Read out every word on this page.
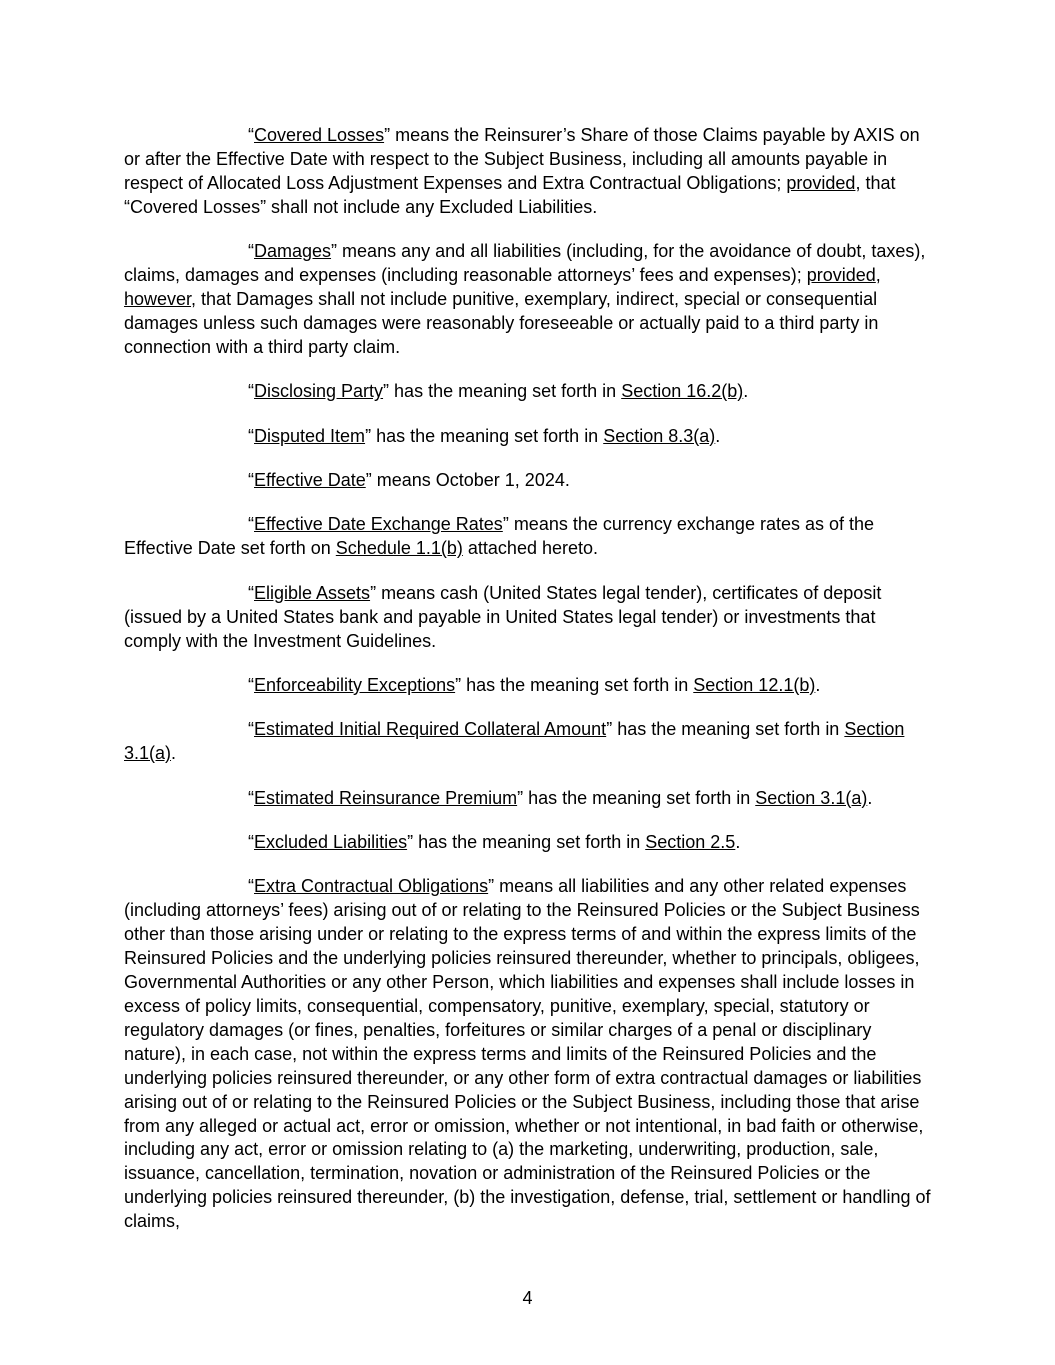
“Covered Losses” means the Reinsurer’s Share of those Claims payable by AXIS on or after the Effective Date with respect to the Subject Business, including all amounts payable in respect of Allocated Loss Adjustment Expenses and Extra Contractual Obligations; provided, that “Covered Losses” shall not include any Excluded Liabilities.

“Damages” means any and all liabilities (including, for the avoidance of doubt, taxes), claims, damages and expenses (including reasonable attorneys’ fees and expenses); provided, however, that Damages shall not include punitive, exemplary, indirect, special or consequential damages unless such damages were reasonably foreseeable or actually paid to a third party in connection with a third party claim.

“Disclosing Party” has the meaning set forth in Section 16.2(b).

“Disputed Item” has the meaning set forth in Section 8.3(a).

“Effective Date” means October 1, 2024.

“Effective Date Exchange Rates” means the currency exchange rates as of the Effective Date set forth on Schedule 1.1(b) attached hereto.

“Eligible Assets” means cash (United States legal tender), certificates of deposit (issued by a United States bank and payable in United States legal tender) or investments that comply with the Investment Guidelines.

“Enforceability Exceptions” has the meaning set forth in Section 12.1(b).

“Estimated Initial Required Collateral Amount” has the meaning set forth in Section 3.1(a).

“Estimated Reinsurance Premium” has the meaning set forth in Section 3.1(a).

“Excluded Liabilities” has the meaning set forth in Section 2.5.

“Extra Contractual Obligations” means all liabilities and any other related expenses (including attorneys’ fees) arising out of or relating to the Reinsured Policies or the Subject Business other than those arising under or relating to the express terms of and within the express limits of the Reinsured Policies and the underlying policies reinsured thereunder, whether to principals, obligees, Governmental Authorities or any other Person, which liabilities and expenses shall include losses in excess of policy limits, consequential, compensatory, punitive, exemplary, special, statutory or regulatory damages (or fines, penalties, forfeitures or similar charges of a penal or disciplinary nature), in each case, not within the express terms and limits of the Reinsured Policies and the underlying policies reinsured thereunder, or any other form of extra contractual damages or liabilities arising out of or relating to the Reinsured Policies or the Subject Business, including those that arise from any alleged or actual act, error or omission, whether or not intentional, in bad faith or otherwise, including any act, error or omission relating to (a) the marketing, underwriting, production, sale, issuance, cancellation, termination, novation or administration of the Reinsured Policies or the underlying policies reinsured thereunder, (b) the investigation, defense, trial, settlement or handling of claims,

4
